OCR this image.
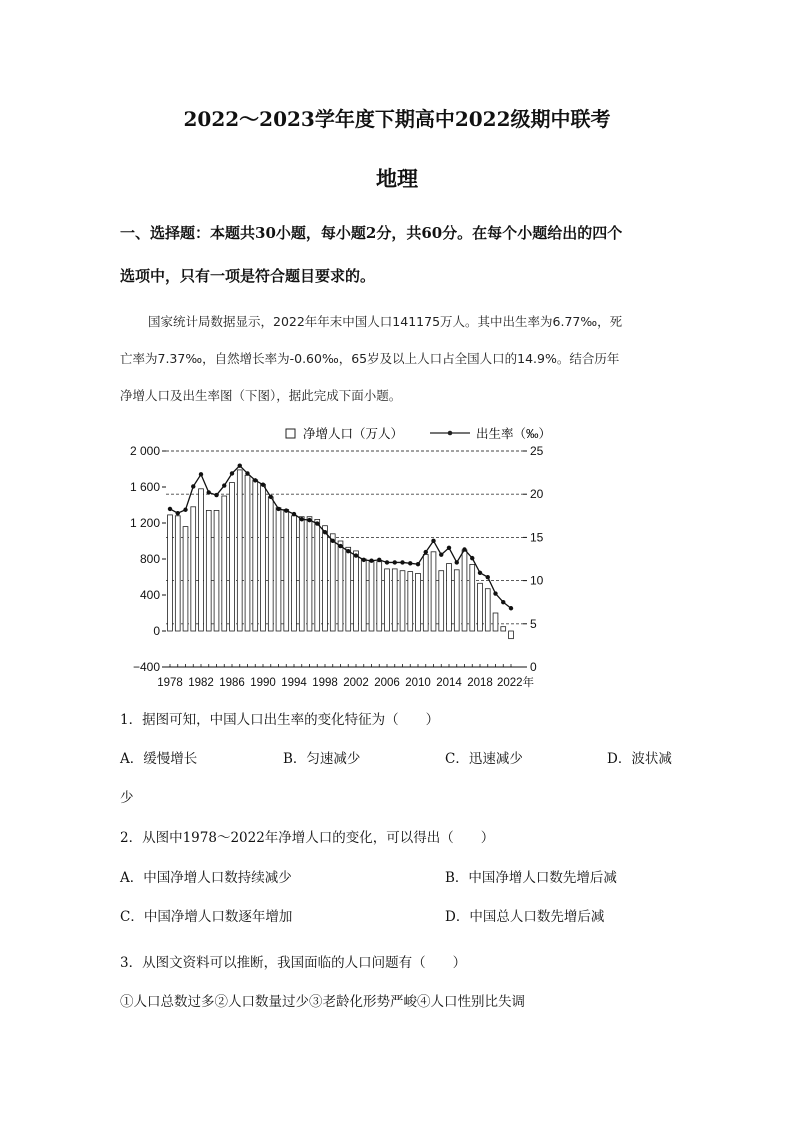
2022～2023学年度下期高中2022级期中联考
地理
一、选择题：本题共30小题，每小题2分，共60分。在每个小题给出的四个
选项中，只有一项是符合题目要求的。
国家统计局数据显示，2022年年末中国人口141175万人。其中出生率为6.77‰，死
亡率为7.37‰，自然增长率为-0.60‰，65岁及以上人口占全国人口的14.9%。结合历年
净增人口及出生率图（下图），据此完成下面小题。
净增人口（万人）	出生率（‰）
2 000
1 600
1 200
800
400
0
−400
25
20
15
10
5
0
1978 1982 1986 1990 1994 1998 2002 2006 2010 2014 2018 2022年
1．据图可知，中国人口出生率的变化特征为（　　）
A．缓慢增长	B．匀速减少	C．迅速减少	D．波状减
少
2．从图中1978～2022年净增人口的变化，可以得出（　　）
A．中国净增人口数持续减少	B．中国净增人口数先增后减
C．中国净增人口数逐年增加	D．中国总人口数先增后减
3．从图文资料可以推断，我国面临的人口问题有（　　）
①人口总数过多②人口数量过少③老龄化形势严峻④人口性别比失调
